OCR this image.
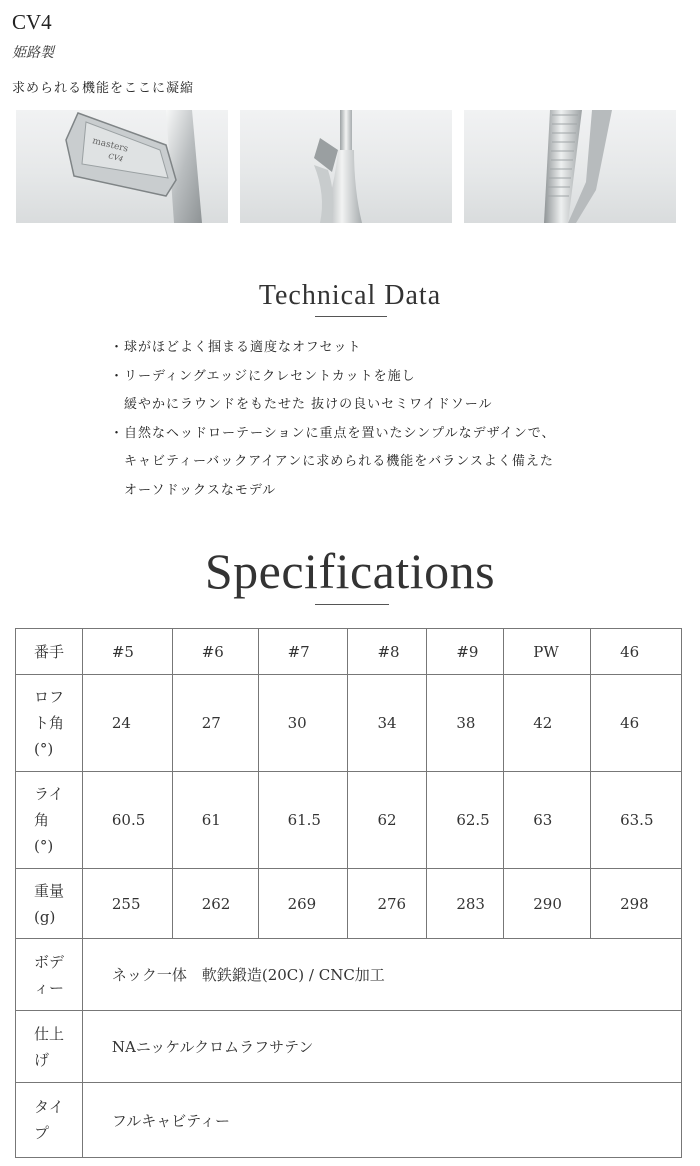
CV4
姫路製
求められる機能をここに凝縮
masters
CV4
Technical Data
・球がほどよく掴まる適度なオフセット
・リーディングエッジにクレセントカットを施し
緩やかにラウンドをもたせた 抜けの良いセミワイドソール
・自然なヘッドローテーションに重点を置いたシンプルなデザインで、
キャビティーバックアイアンに求められる機能をバランスよく備えた
オーソドックスなモデル
Specifications
番手	#5	#6	#7	#8	#9	PW	46

ロフ
ト角
(°)	24	27	30	34	38	42	46

ライ
角
(°)	60.5	61	61.5	62	62.5	63	63.5

重量
(g)	255	262	269	276	283	290	298

ボデ
ィー	ネック一体　軟鉄鍛造(20C) / CNC加工						

仕上
げ	NAニッケルクロムラフサテン						

タイ
プ	フルキャビティー						
